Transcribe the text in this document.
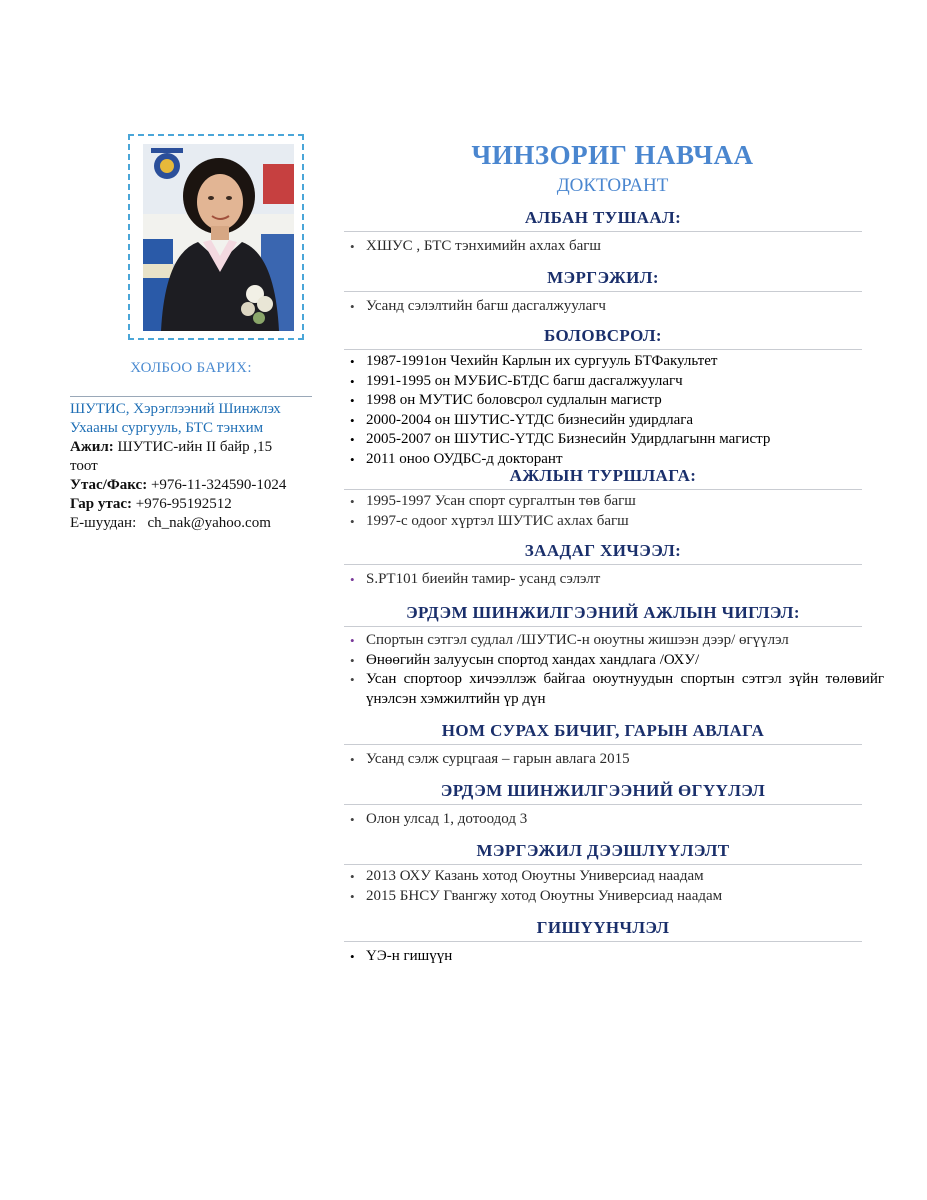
ХОЛБОО БАРИХ:
ШУТИС, Хэрэглээний Шинжлэх
Ухааны сургууль, БТС тэнхим
Ажил: ШУТИС-ийн II байр ,15
тоот
Утас/Факс: +976-11-324590-1024
Гар утас: +976-95192512
E-шуудан:   ch_nak@yahoo.com
ЧИНЗОРИГ НАВЧАА
ДОКТОРАНТ
АЛБАН ТУШААЛ:
• ХШУС , БТС тэнхимийн ахлах багш
МЭРГЭЖИЛ:
• Усанд сэлэлтийн багш дасгалжуулагч
БОЛОВСРОЛ:
• 1987-1991он Чехийн Карлын их сургууль БТФакультет
• 1991-1995 он МУБИС-БТДС багш дасгалжуулагч
• 1998 он МУТИС боловсрол судлалын магистр
• 2000-2004 он ШУТИС-ҮТДС бизнесийн удирдлага
• 2005-2007 он ШУТИС-ҮТДС Бизнесийн Удирдлагынн магистр
• 2011 оноо ОУДБС-д докторант
АЖЛЫН ТУРШЛАГА:
• 1995-1997 Усан спорт сургалтын төв багш
• 1997-с одоог хүртэл ШУТИС ахлах багш
ЗААДАГ ХИЧЭЭЛ:
• S.PT101 биеийн тамир- усанд сэлэлт
ЭРДЭМ ШИНЖИЛГЭЭНИЙ АЖЛЫН ЧИГЛЭЛ:
• Спортын сэтгэл судлал /ШУТИС-н оюутны жишээн дээр/ өгүүлэл
• Өнөөгийн залуусын спортод хандах хандлага /ОХУ/
• Усан спортоор хичээллэж байгаа оюутнуудын спортын сэтгэл зүйн төлөвийг үнэлсэн хэмжилтийн үр дүн
НОМ СУРАХ БИЧИГ, ГАРЫН АВЛАГА
• Усанд сэлж сурцгаая – гарын авлага 2015
ЭРДЭМ ШИНЖИЛГЭЭНИЙ ӨГҮҮЛЭЛ
• Олон улсад 1, дотоодод 3
МЭРГЭЖИЛ ДЭЭШЛҮҮЛЭЛТ
• 2013 ОХУ Казань хотод Оюутны Универсиад наадам
• 2015 БНСУ Гвангжу хотод Оюутны Универсиад наадам
ГИШҮҮНЧЛЭЛ
• ҮЭ-н гишүүн
